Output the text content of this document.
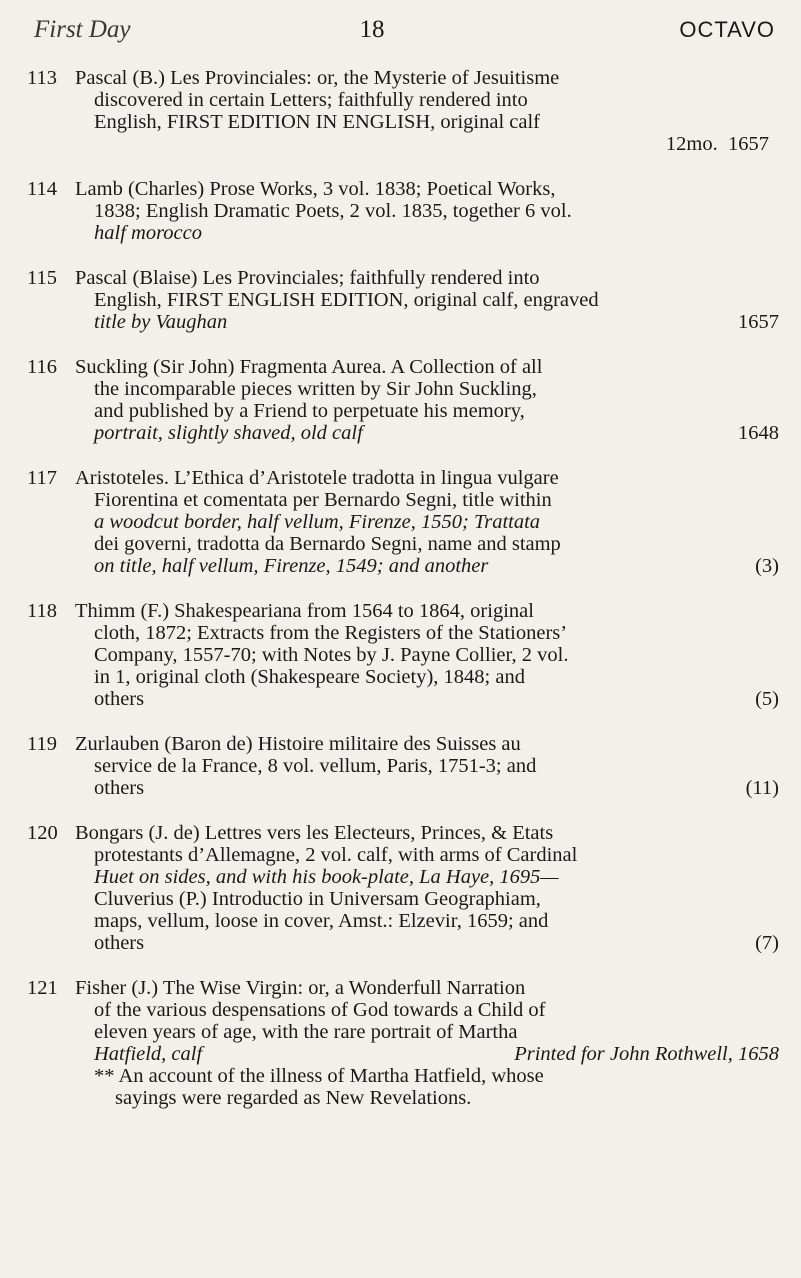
First Day	18	OCTAVO
113 Pascal (B.) Les Provinciales: or, the Mysterie of Jesuitisme
discovered in certain Letters; faithfully rendered into
English, FIRST EDITION IN ENGLISH, original calf
12mo.  1657
114 Lamb (Charles) Prose Works, 3 vol. 1838; Poetical Works,
1838; English Dramatic Poets, 2 vol. 1835, together 6 vol.
half morocco
115 Pascal (Blaise) Les Provinciales; faithfully rendered into
English, FIRST ENGLISH EDITION, original calf, engraved
title by Vaughan	1657
116 Suckling (Sir John) Fragmenta Aurea. A Collection of all
the incomparable pieces written by Sir John Suckling,
and published by a Friend to perpetuate his memory,
portrait, slightly shaved, old calf	1648
117 Aristoteles. L’Ethica d’Aristotele tradotta in lingua vulgare
Fiorentina et comentata per Bernardo Segni, title within
a woodcut border, half vellum, Firenze, 1550; Trattata
dei governi, tradotta da Bernardo Segni, name and stamp
on title, half vellum, Firenze, 1549; and another	(3)
118 Thimm (F.) Shakespeariana from 1564 to 1864, original
cloth, 1872; Extracts from the Registers of the Stationers’
Company, 1557-70; with Notes by J. Payne Collier, 2 vol.
in 1, original cloth (Shakespeare Society), 1848; and
others	(5)
119 Zurlauben (Baron de) Histoire militaire des Suisses au
service de la France, 8 vol. vellum, Paris, 1751-3; and
others	(11)
120 Bongars (J. de) Lettres vers les Electeurs, Princes, & Etats
protestants d’Allemagne, 2 vol. calf, with arms of Cardinal
Huet on sides, and with his book-plate, La Haye, 1695—
Cluverius (P.) Introductio in Universam Geographiam,
maps, vellum, loose in cover, Amst.: Elzevir, 1659; and
others	(7)
121 Fisher (J.) The Wise Virgin: or, a Wonderfull Narration
of the various despensations of God towards a Child of
eleven years of age, with the rare portrait of Martha
Hatfield, calf	Printed for John Rothwell, 1658
** An account of the illness of Martha Hatfield, whose
sayings were regarded as New Revelations.
